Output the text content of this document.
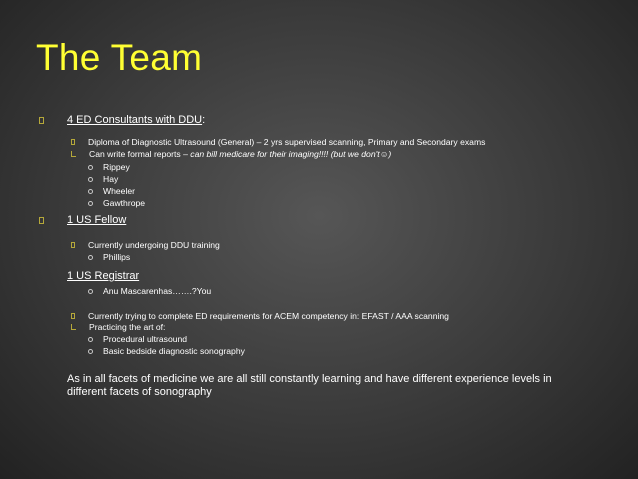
The Team
4 ED Consultants with DDU:
Diploma of Diagnostic Ultrasound (General) – 2 yrs supervised scanning, Primary and Secondary exams
Can write formal reports – can bill medicare for their imaging!!!! (but we don't☺)
Rippey
Hay
Wheeler
Gawthrope
1 US Fellow
Currently undergoing DDU training
Phillips
1 US Registrar
Anu Mascarenhas…….?You
Currently trying to complete ED requirements for ACEM competency in: EFAST / AAA scanning
Practicing the art of:
Procedural ultrasound
Basic bedside diagnostic sonography
As in all facets of medicine we are all still constantly learning and have different experience levels in different facets of sonography
